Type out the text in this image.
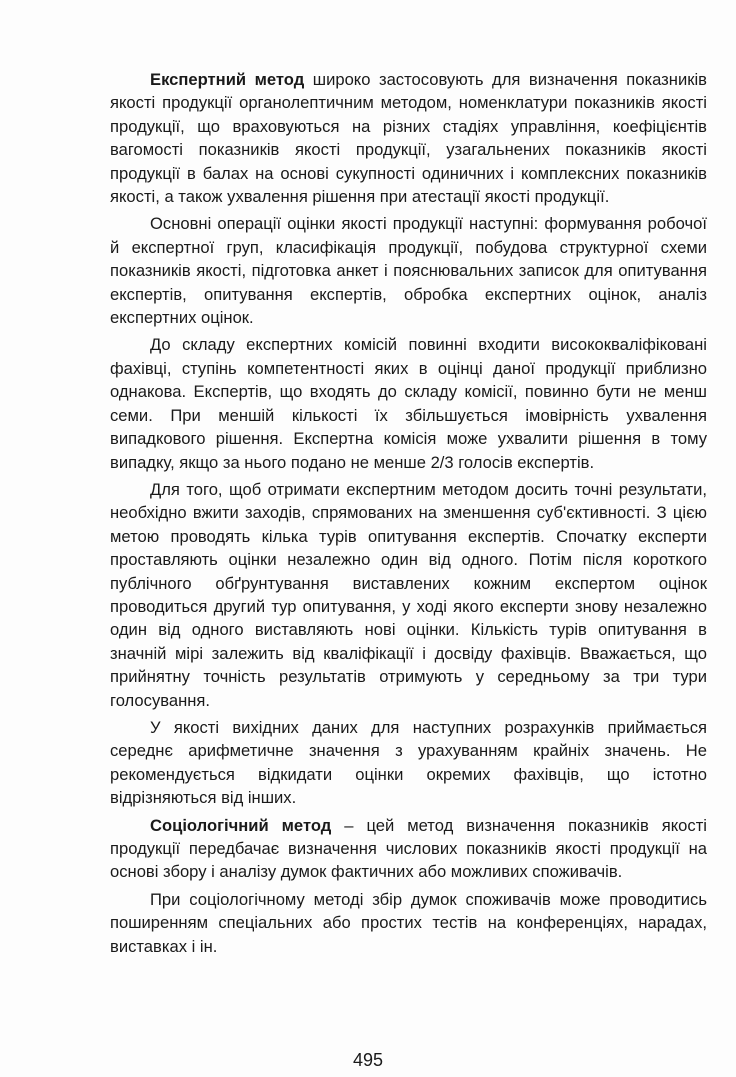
Експертний метод широко застосовують для визначення показників якості продукції органолептичним методом, номенклатури показників якості продукції, що враховуються на різних стадіях управління, коефіцієнтів вагомості показників якості продукції, узагальнених показників якості продукції в балах на основі сукупності одиничних і комплексних показників якості, а також ухвалення рішення при атестації якості продукції.

Основні операції оцінки якості продукції наступні: формування робочої й експертної груп, класифікація продукції, побудова структурної схеми показників якості, підготовка анкет і пояснювальних записок для опитування експертів, опитування експертів, обробка експертних оцінок, аналіз експертних оцінок.

До складу експертних комісій повинні входити висококваліфіковані фахівці, ступінь компетентності яких в оцінці даної продукції приблизно однакова. Експертів, що входять до складу комісії, повинно бути не менш семи. При меншій кількості їх збільшується імовірність ухвалення випадкового рішення. Експертна комісія може ухвалити рішення в тому випадку, якщо за нього подано не менше 2/3 голосів експертів.

Для того, щоб отримати експертним методом досить точні результати, необхідно вжити заходів, спрямованих на зменшення суб'єктивності. З цією метою проводять кілька турів опитування експертів. Спочатку експерти проставляють оцінки незалежно один від одного. Потім після короткого публічного обґрунтування виставлених кожним експертом оцінок проводиться другий тур опитування, у ході якого експерти знову незалежно один від одного виставляють нові оцінки. Кількість турів опитування в значній мірі залежить від кваліфікації і досвіду фахівців. Вважається, що прийнятну точність результатів отримують у середньому за три тури голосування.

У якості вихідних даних для наступних розрахунків приймається середнє арифметичне значення з урахуванням крайніх значень. Не рекомендується відкидати оцінки окремих фахівців, що істотно відрізняються від інших.

Соціологічний метод – цей метод визначення показників якості продукції передбачає визначення числових показників якості продукції на основі збору і аналізу думок фактичних або можливих споживачів.

При соціологічному методі збір думок споживачів може проводитись поширенням спеціальних або простих тестів на конференціях, нарадах, виставках і ін.

495
